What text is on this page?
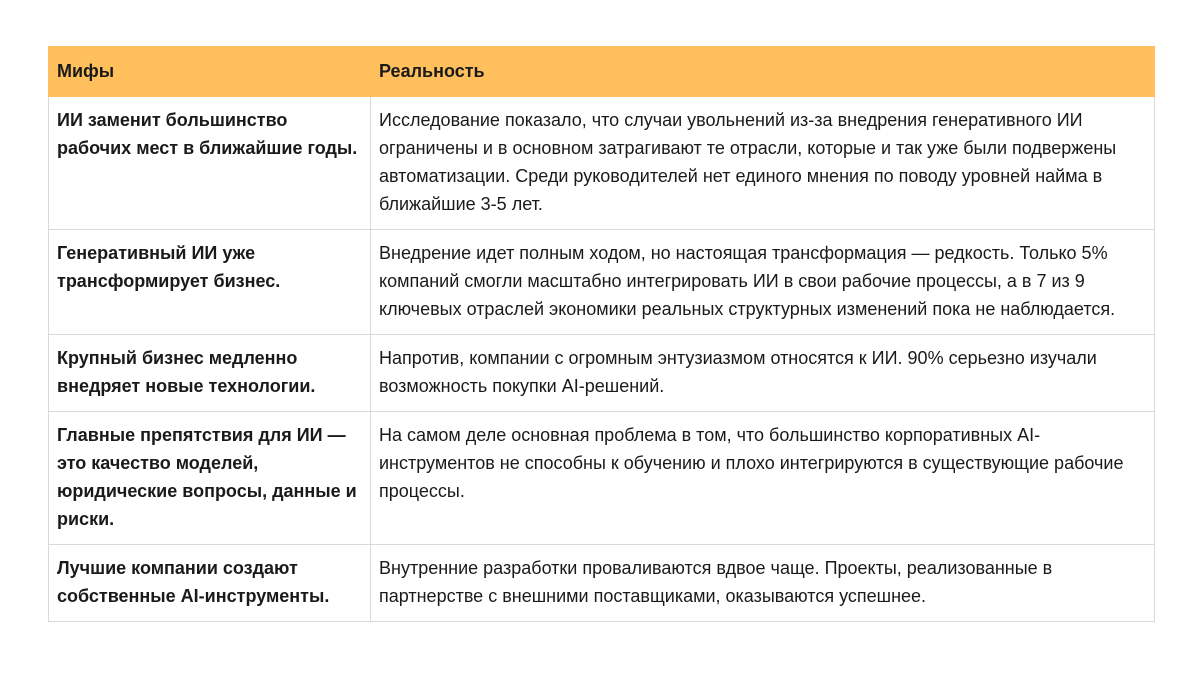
Мифы	Реальность
ИИ заменит большинство рабочих мест в ближайшие годы.	Исследование показало, что случаи увольнений из-за внедрения генеративного ИИ ограничены и в основном затрагивают те отрасли, которые и так уже были подвержены автоматизации. Среди руководителей нет единого мнения по поводу уровней найма в ближайшие 3-5 лет.
Генеративный ИИ уже трансформирует бизнес.	Внедрение идет полным ходом, но настоящая трансформация — редкость. Только 5% компаний смогли масштабно интегрировать ИИ в свои рабочие процессы, а в 7 из 9 ключевых отраслей экономики реальных структурных изменений пока не наблюдается.
Крупный бизнес медленно внедряет новые технологии.	Напротив, компании с огромным энтузиазмом относятся к ИИ. 90% серьезно изучали возможность покупки AI-решений.
Главные препятствия для ИИ — это качество моделей, юридические вопросы, данные и риски.	На самом деле основная проблема в том, что большинство корпоративных AI-инструментов не способны к обучению и плохо интегрируются в существующие рабочие процессы.
Лучшие компании создают собственные AI-инструменты.	Внутренние разработки проваливаются вдвое чаще. Проекты, реализованные в партнерстве с внешними поставщиками, оказываются успешнее.
